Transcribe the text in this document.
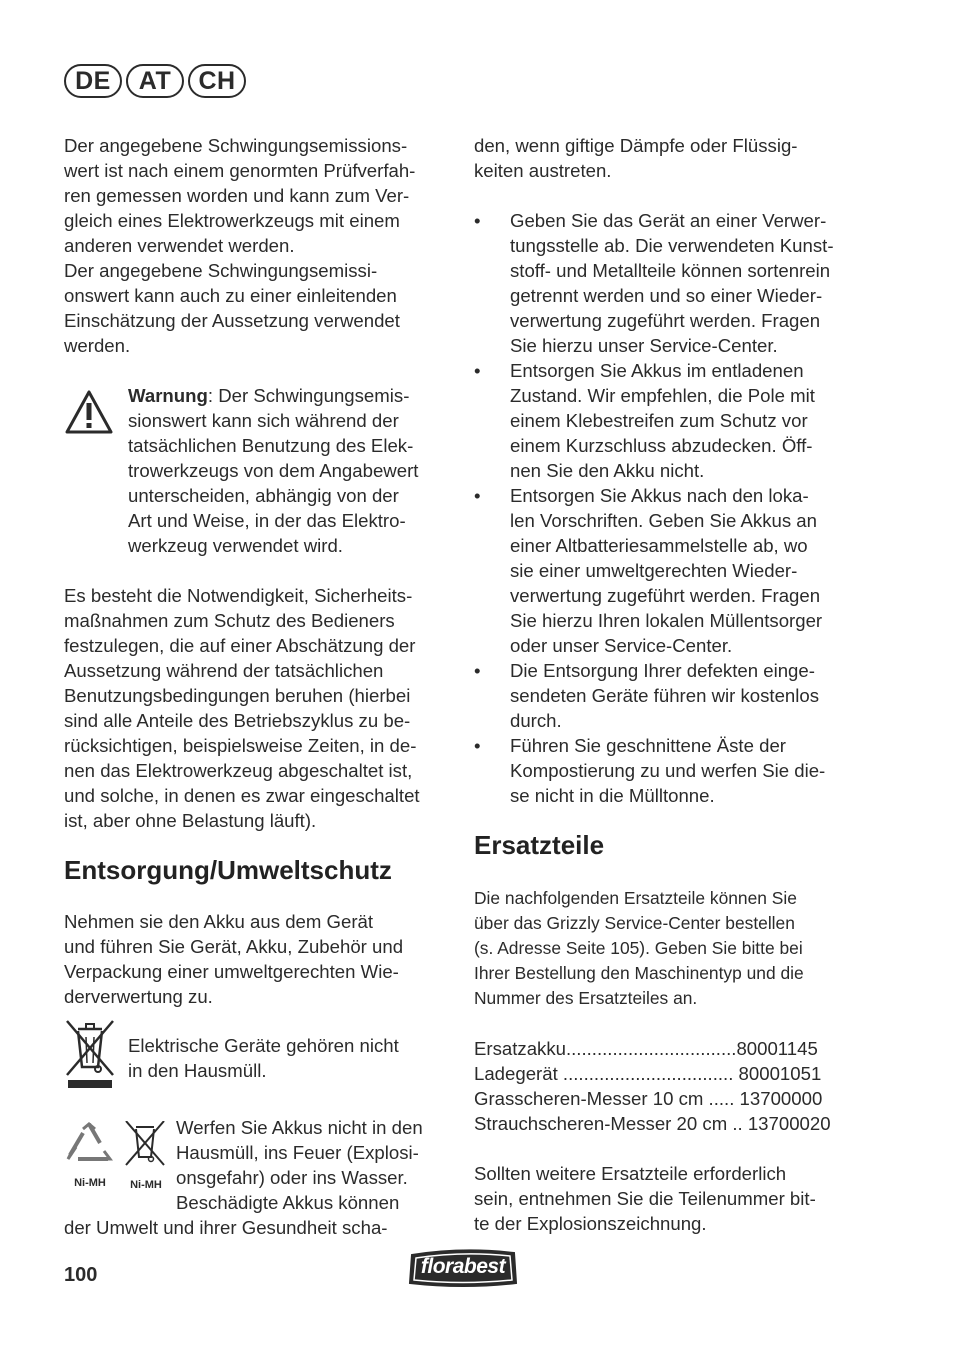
DE	AT	CH

Der angegebene Schwingungsemissions-
wert ist nach einem genormten Prüfverfah-
ren gemessen worden und kann zum Ver-
gleich eines Elektrowerkzeugs mit einem
anderen verwendet werden.

Der angegebene Schwingungsemissi-
onswert kann auch zu einer einleitenden
Einschätzung der Aussetzung verwendet
werden.

Warnung: Der Schwingungsemis-
sionswert kann sich während der
tatsächlichen Benutzung des Elek-
trowerkzeugs von dem Angabewert
unterscheiden, abhängig von der
Art und Weise, in der das Elektro-
werkzeug verwendet wird.

Es besteht die Notwendigkeit, Sicherheits-
maßnahmen zum Schutz des Bedieners
festzulegen, die auf einer Abschätzung der
Aussetzung während der tatsächlichen
Benutzungsbedingungen beruhen (hierbei
sind alle Anteile des Betriebszyklus zu be-
rücksichtigen, beispielsweise Zeiten, in de-
nen das Elektrowerkzeug abgeschaltet ist,
und solche, in denen es zwar eingeschaltet
ist, aber ohne Belastung läuft).

Entsorgung/Umweltschutz

Nehmen sie den Akku aus dem Gerät
und führen Sie Gerät, Akku, Zubehör und
Verpackung einer umweltgerechten Wie-
derverwertung zu.

Elektrische Geräte gehören nicht
in den Hausmüll.

Ni-MH	Ni-MH

Werfen Sie Akkus nicht in den
Hausmüll, ins Feuer (Explosi-
onsgefahr) oder ins Wasser.
Beschädigte Akkus können

der Umwelt und ihrer Gesundheit scha-

den, wenn giftige Dämpfe oder Flüssig-
keiten austreten.

•	Geben Sie das Gerät an einer Verwer-
tungsstelle ab. Die verwendeten Kunst-
stoff- und Metallteile können sortenrein
getrennt werden und so einer Wieder-
verwertung zugeführt werden. Fragen
Sie hierzu unser Service-Center.
•	Entsorgen Sie Akkus im entladenen
Zustand. Wir empfehlen, die Pole mit
einem Klebestreifen zum Schutz vor
einem Kurzschluss abzudecken. Öff-
nen Sie den Akku nicht.
•	Entsorgen Sie Akkus nach den loka-
len Vorschriften. Geben Sie Akkus an
einer Altbatteriesammelstelle ab, wo
sie einer umweltgerechten Wieder-
verwertung zugeführt werden. Fragen
Sie hierzu Ihren lokalen Müllentsorger
oder unser Service-Center.
•	Die Entsorgung Ihrer defekten einge-
sendeten Geräte führen wir kostenlos
durch.
•	Führen Sie geschnittene Äste der
Kompostierung zu und werfen Sie die-
se nicht in die Mülltonne.
Ersatzteile

Die nachfolgenden Ersatzteile können Sie
über das Grizzly Service-Center bestellen
(s. Adresse Seite 105). Geben Sie bitte bei
Ihrer Bestellung den Maschinentyp und die
Nummer des Ersatzteiles an.

Ersatzakku.................................80001145
Ladegerät ................................. 80001051
Grasscheren-Messer 10 cm ..... 13700000
Strauchscheren-Messer 20 cm .. 13700020

Sollten weitere Ersatzteile erforderlich
sein, entnehmen Sie die Teilenummer bit-
te der Explosionszeichnung.

100	florabest
